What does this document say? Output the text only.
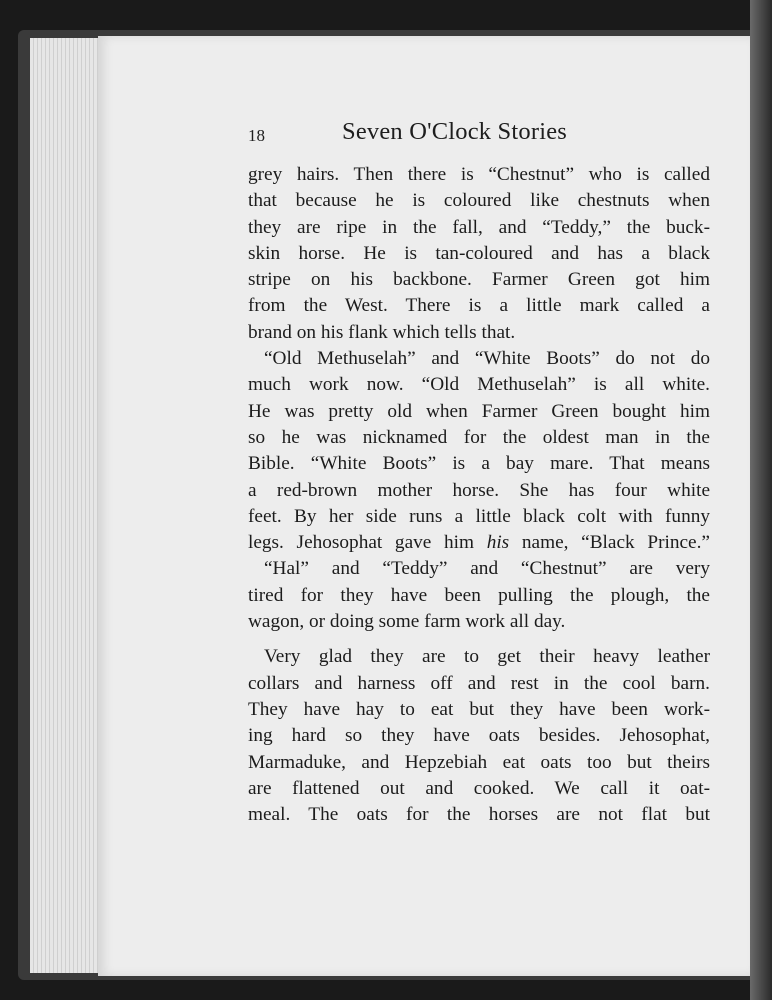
18	Seven O'Clock Stories
grey hairs. Then there is “Chestnut” who is called
that because he is coloured like chestnuts when
they are ripe in the fall, and “Teddy,” the buck-
skin horse. He is tan-coloured and has a black
stripe on his backbone. Farmer Green got him
from the West. There is a little mark called a
brand on his flank which tells that.
“Old Methuselah” and “White Boots” do not do
much work now. “Old Methuselah” is all white.
He was pretty old when Farmer Green bought him
so he was nicknamed for the oldest man in the
Bible. “White Boots” is a bay mare. That means
a red-brown mother horse. She has four white
feet. By her side runs a little black colt with funny
legs. Jehosophat gave him his name, “Black Prince.”
“Hal” and “Teddy” and “Chestnut” are very
tired for they have been pulling the plough, the
wagon, or doing some farm work all day.
Very glad they are to get their heavy leather
collars and harness off and rest in the cool barn.
They have hay to eat but they have been work-
ing hard so they have oats besides. Jehosophat,
Marmaduke, and Hepzebiah eat oats too but theirs
are flattened out and cooked. We call it oat-
meal. The oats for the horses are not flat but
